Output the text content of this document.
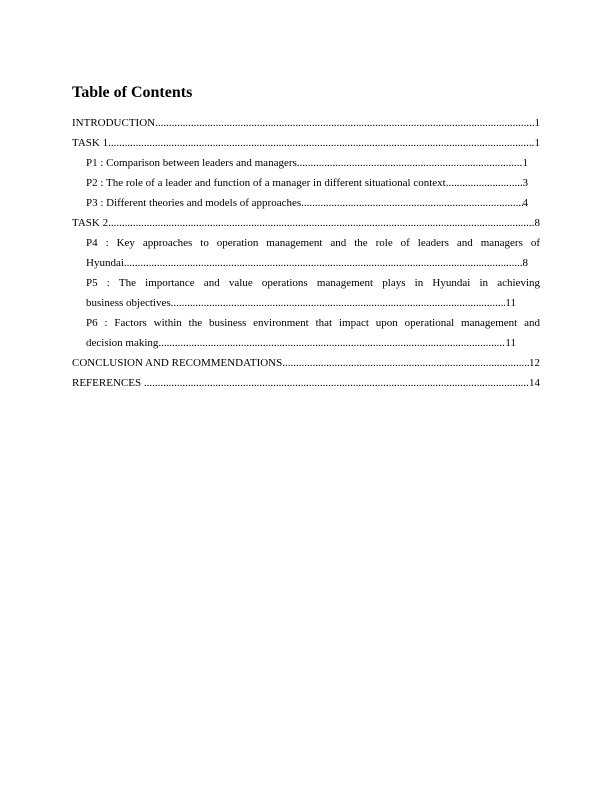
Table of Contents
INTRODUCTION .....	1
TASK 1 .....	1
P1 : Comparison between leaders and managers .....	1
P2 : The role of a leader and function of a manager in different situational context .....	3
P3 : Different theories and models of approaches .....	4
TASK 2 .....	8
P4 : Key approaches to operation management and the role of leaders and managers of
Hyundai .....	8
P5 : The importance and value operations management plays in Hyundai in achieving
business objectives .....	11
P6 : Factors within the business environment that impact upon operational management and
decision making .....	11
CONCLUSION AND RECOMMENDATIONS .....	12
REFERENCES .....	14
